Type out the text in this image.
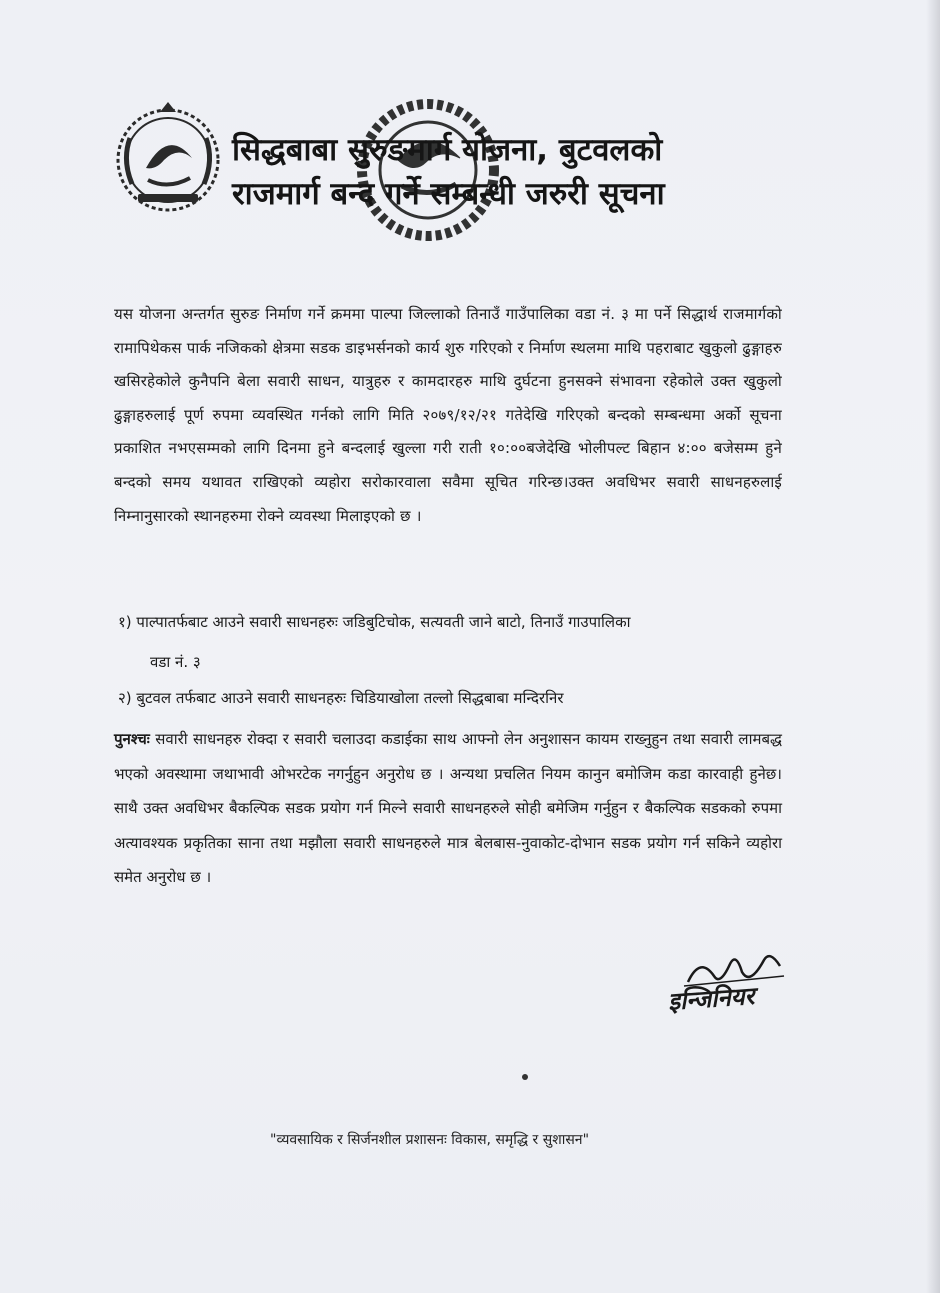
सिद्धबाबा सुरुङमार्ग योजना, बुटवलको
राजमार्ग बन्द गर्ने सम्बन्धी जरुरी सूचना

यस योजना अन्तर्गत सुरुङ निर्माण गर्ने क्रममा पाल्पा जिल्लाको तिनाउँ गाउँपालिका वडा नं. ३ मा पर्ने सिद्धार्थ राजमार्गको रामापिथेकस पार्क नजिकको क्षेत्रमा सडक डाइभर्सनको कार्य शुरु गरिएको र निर्माण स्थलमा माथि पहराबाट खुकुलो ढुङ्गाहरु खसिरहेकोले कुनैपनि बेला सवारी साधन, यात्रुहरु र कामदारहरु माथि दुर्घटना हुनसक्ने संभावना रहेकोले उक्त खुकुलो ढुङ्गाहरुलाई पूर्ण रुपमा व्यवस्थित गर्नको लागि मिति २०७९/१२/२१ गतेदेखि गरिएको बन्दको सम्बन्धमा अर्को सूचना प्रकाशित नभएसम्मको लागि दिनमा हुने बन्दलाई खुल्ला गरी राती १०:००बजेदेखि भोलीपल्ट बिहान ४:०० बजेसम्म हुने बन्दको समय यथावत राखिएको व्यहोरा सरोकारवाला सवैमा सूचित गरिन्छ।उक्त अवधिभर सवारी साधनहरुलाई निम्नानुसारको स्थानहरुमा रोक्ने व्यवस्था मिलाइएको छ ।

१) पाल्पातर्फबाट आउने सवारी साधनहरुः जडिबुटिचोक, सत्यवती जाने बाटो, तिनाउँ गाउपालिका
वडा नं. ३
२) बुटवल तर्फबाट आउने सवारी साधनहरुः चिडियाखोला तल्लो सिद्धबाबा मन्दिरनिर

पुनश्चः सवारी साधनहरु रोक्दा र सवारी चलाउदा कडाईका साथ आफ्नो लेन अनुशासन कायम राख्नुहुन तथा सवारी लामबद्ध भएको अवस्थामा जथाभावी ओभरटेक नगर्नुहुन अनुरोध छ । अन्यथा प्रचलित नियम कानुन बमोजिम कडा कारवाही हुनेछ। साथै उक्त अवधिभर बैकल्पिक सडक प्रयोग गर्न मिल्ने सवारी साधनहरुले सोही बमेजिम गर्नुहुन र बैकल्पिक सडकको रुपमा अत्यावश्यक प्रकृतिका साना तथा मझौला सवारी साधनहरुले मात्र बेलबास-नुवाकोट-दोभान सडक प्रयोग गर्न सकिने व्यहोरा समेत अनुरोध छ ।

इन्जिनियर
"व्यवसायिक र सिर्जनशील प्रशासनः विकास, समृद्धि र सुशासन"
